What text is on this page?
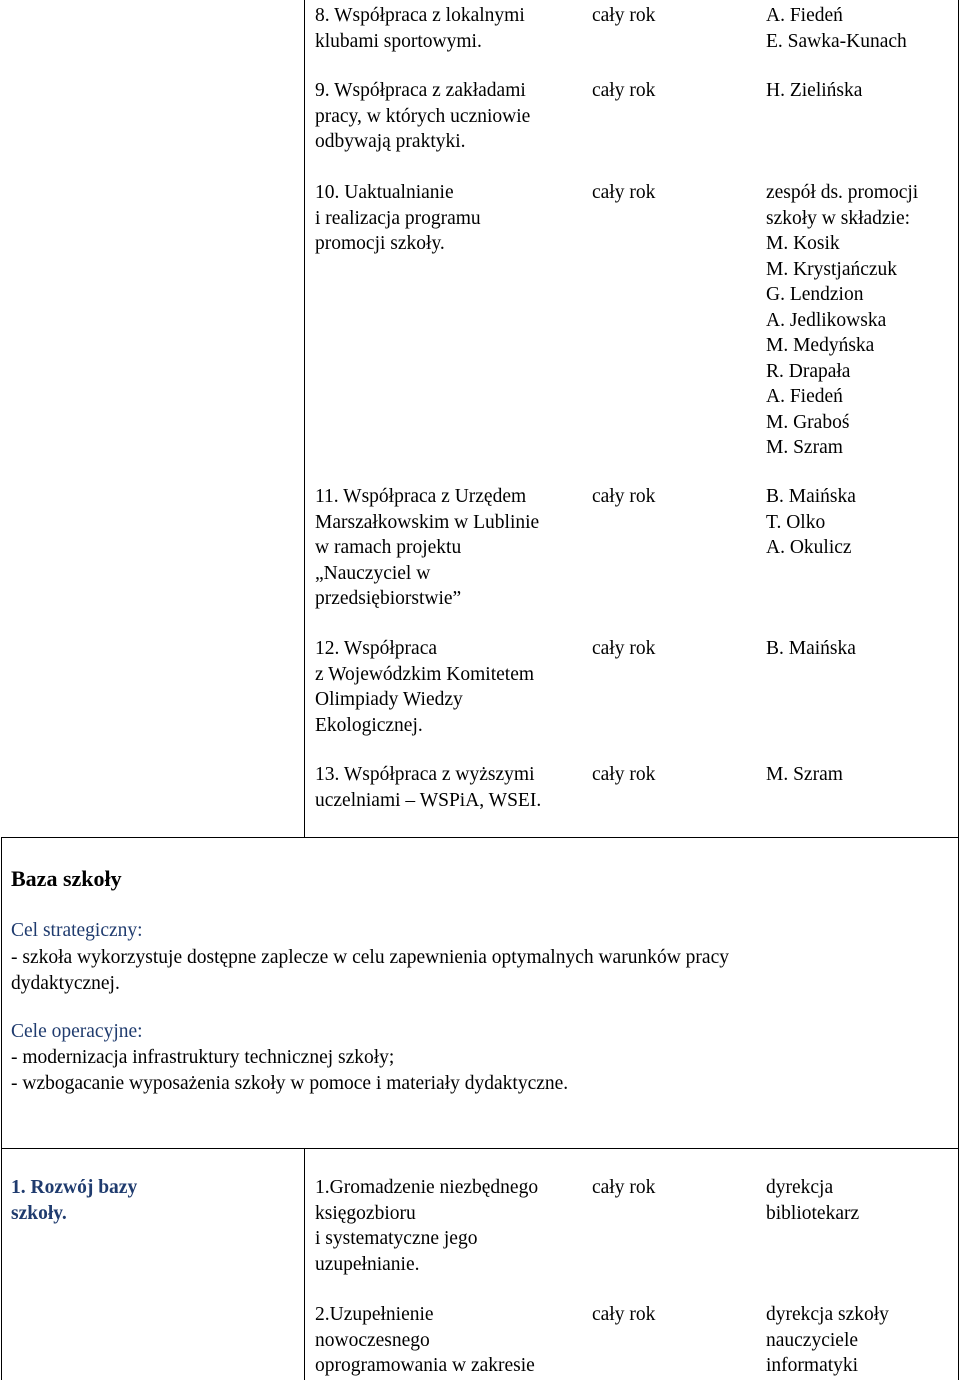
8. Współpraca z lokalnymi
klubami sportowymi.
cały rok	A. Fiedeń
E. Sawka-Kunach
9. Współpraca z zakładami
pracy, w których uczniowie
odbywają praktyki.
cały rok	H. Zielińska
10. Uaktualnianie
i realizacja programu
promocji szkoły.
cały rok	zespół ds. promocji
szkoły w składzie:
M. Kosik
M. Krystjańczuk
G. Lendzion
A. Jedlikowska
M. Medyńska
R. Drapała
A. Fiedeń
M. Graboś
M. Szram
11. Współpraca z Urzędem
Marszałkowskim w Lublinie
w ramach projektu
„Nauczyciel w
przedsiębiorstwie”
cały rok	B. Maińska
T. Olko
A. Okulicz
12. Współpraca
z Wojewódzkim Komitetem
Olimpiady Wiedzy
Ekologicznej.
cały rok	B. Maińska
13. Współpraca z wyższymi
uczelniami – WSPiA, WSEI.
cały rok	M. Szram
Baza szkoły
Cel strategiczny:
- szkoła wykorzystuje dostępne zaplecze w celu zapewnienia optymalnych warunków pracy
dydaktycznej.
Cele operacyjne:
- modernizacja infrastruktury technicznej szkoły;
- wzbogacanie wyposażenia szkoły w pomoce i materiały dydaktyczne.
1. Rozwój bazy
szkoły.
1.Gromadzenie niezbędnego
księgozbioru
i systematyczne jego
uzupełnianie.
cały rok	dyrekcja
bibliotekarz
2.Uzupełnienie
nowoczesnego
oprogramowania w zakresie
cały rok	dyrekcja szkoły
nauczyciele
informatyki
